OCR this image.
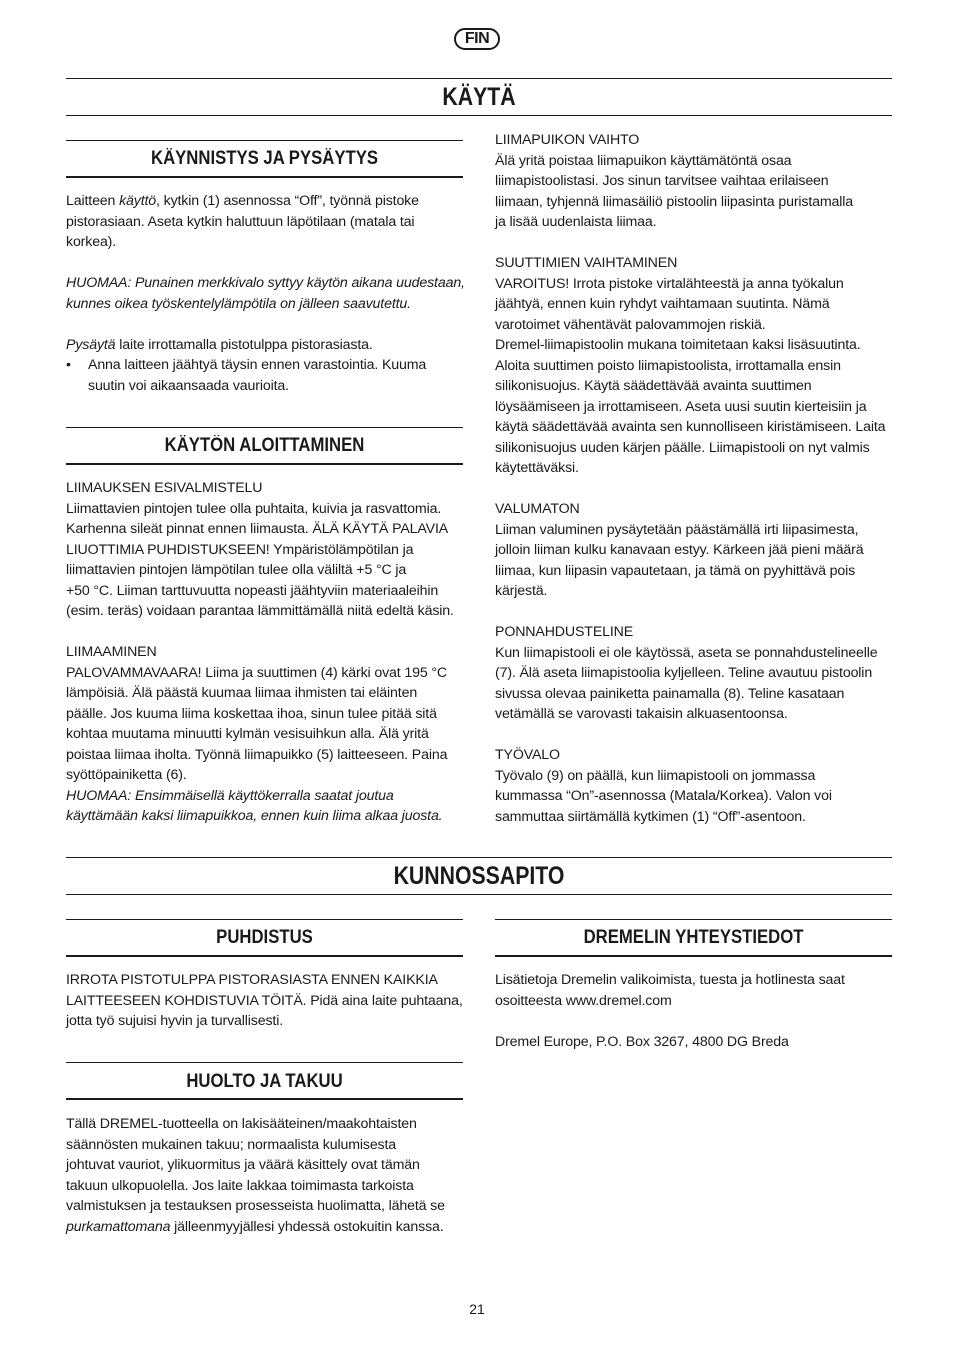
FIN
KÄYTÄ
KÄYNNISTYS JA PYSÄYTYS

Laitteen käyttö, kytkin (1) asennossa “Off”, työnnä pistoke

pistorasiaan. Aseta kytkin haluttuun läpötilaan (matala tai

korkea).

HUOMAA: Punainen merkkivalo syttyy käytön aikana uudestaan,

kunnes oikea työskentelylämpötila on jälleen saavutettu.

Pysäytä laite irrottamalla pistotulppa pistorasiasta.

• Anna laitteen jäähtyä täysin ennen varastointia. Kuuma

suutin voi aikaansaada vaurioita.

KÄYTÖN ALOITTAMINEN

LIIMAUKSEN ESIVALMISTELU

Liimattavien pintojen tulee olla puhtaita, kuivia ja rasvattomia.

Karhenna sileät pinnat ennen liimausta. ÄLÄ KÄYTÄ PALAVIA

LIUOTTIMIA PUHDISTUKSEEN! Ympäristölämpötilan ja

liimattavien pintojen lämpötilan tulee olla väliltä +5 °C ja

+50 °C. Liiman tarttuvuutta nopeasti jäähtyviin materiaaleihin

(esim. teräs) voidaan parantaa lämmittämällä niitä edeltä käsin.

LIIMAAMINEN

PALOVAMMAVAARA! Liima ja suuttimen (4) kärki ovat 195 °C

lämpöisiä. Älä päästä kuumaa liimaa ihmisten tai eläinten

päälle. Jos kuuma liima koskettaa ihoa, sinun tulee pitää sitä

kohtaa muutama minuutti kylmän vesisuihkun alla. Älä yritä

poistaa liimaa iholta. Työnnä liimapuikko (5) laitteeseen. Paina

syöttöpainiketta (6).

HUOMAA: Ensimmäisellä käyttökerralla saatat joutua

käyttämään kaksi liimapuikkoa, ennen kuin liima alkaa juosta.

LIIMAPUIKON VAIHTO

Älä yritä poistaa liimapuikon käyttämätöntä osaa

liimapistoolistasi. Jos sinun tarvitsee vaihtaa erilaiseen

liimaan, tyhjennä liimasäiliö pistoolin liipasinta puristamalla

ja lisää uudenlaista liimaa.

SUUTTIMIEN VAIHTAMINEN

VAROITUS! Irrota pistoke virtalähteestä ja anna työkalun

jäähtyä, ennen kuin ryhdyt vaihtamaan suutinta. Nämä

varotoimet vähentävät palovammojen riskiä.

Dremel-liimapistoolin mukana toimitetaan kaksi lisäsuutinta.

Aloita suuttimen poisto liimapistoolista, irrottamalla ensin

silikonisuojus. Käytä säädettävää avainta suuttimen

löysäämiseen ja irrottamiseen. Aseta uusi suutin kierteisiin ja

käytä säädettävää avainta sen kunnolliseen kiristämiseen. Laita

silikonisuojus uuden kärjen päälle. Liimapistooli on nyt valmis

käytettäväksi.

VALUMATON

Liiman valuminen pysäytetään päästämällä irti liipasimesta,

jolloin liiman kulku kanavaan estyy. Kärkeen jää pieni määrä

liimaa, kun liipasin vapautetaan, ja tämä on pyyhittävä pois

kärjestä.

PONNAHDUSTELINE

Kun liimapistooli ei ole käytössä, aseta se ponnahdustelineelle

(7). Älä aseta liimapistoolia kyljelleen. Teline avautuu pistoolin

sivussa olevaa painiketta painamalla (8). Teline kasataan

vetämällä se varovasti takaisin alkuasentoonsa.

TYÖVALO

Työvalo (9) on päällä, kun liimapistooli on jommassa

kummassa “On”-asennossa (Matala/Korkea). Valon voi

sammuttaa siirtämällä kytkimen (1) “Off”-asentoon.

KUNNOSSAPITO
PUHDISTUS

IRROTA PISTOTULPPA PISTORASIASTA ENNEN KAIKKIA

LAITTEESEEN KOHDISTUVIA TÖITÄ. Pidä aina laite puhtaana,

jotta työ sujuisi hyvin ja turvallisesti.

HUOLTO JA TAKUU

Tällä DREMEL-tuotteella on lakisääteinen/maakohtaisten

säännösten mukainen takuu; normaalista kulumisesta

johtuvat vauriot, ylikuormitus ja väärä käsittely ovat tämän

takuun ulkopuolella. Jos laite lakkaa toimimasta tarkoista

valmistuksen ja testauksen prosesseista huolimatta, lähetä se

purkamattomana jälleenmyyjällesi yhdessä ostokuitin kanssa.

DREMELIN YHTEYSTIEDOT

Lisätietoja Dremelin valikoimista, tuesta ja hotlinesta saat

osoitteesta www.dremel.com

Dremel Europe, P.O. Box 3267, 4800 DG Breda

21
